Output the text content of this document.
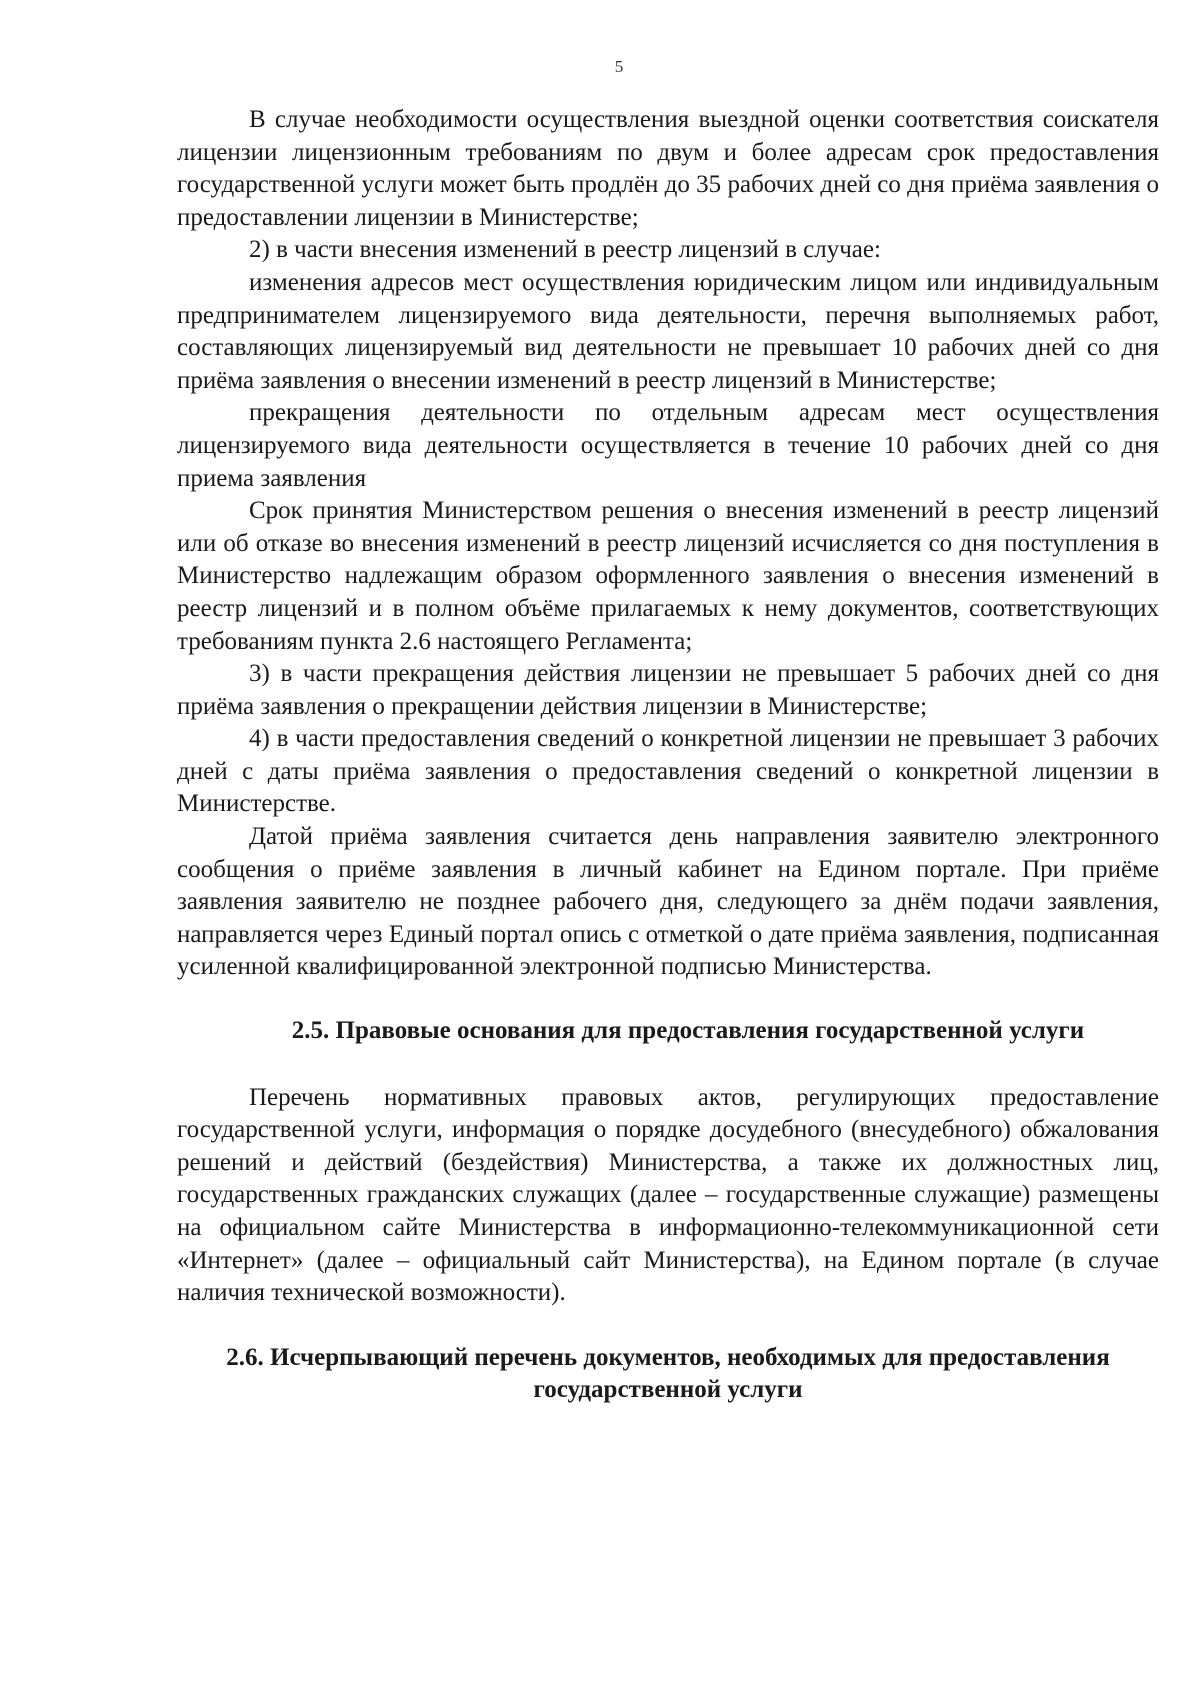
5

В случае необходимости осуществления выездной оценки соответствия соискателя лицензии лицензионным требованиям по двум и более адресам срок предоставления государственной услуги может быть продлён до 35 рабочих дней со дня приёма заявления о предоставлении лицензии в Министерстве;

2) в части внесения изменений в реестр лицензий в случае:

изменения адресов мест осуществления юридическим лицом или индивидуальным предпринимателем лицензируемого вида деятельности, перечня выполняемых работ, составляющих лицензируемый вид деятельности не превышает 10 рабочих дней со дня приёма заявления о внесении изменений в реестр лицензий в Министерстве;

прекращения деятельности по отдельным адресам мест осуществления лицензируемого вида деятельности осуществляется в течение 10 рабочих дней со дня приема заявления

Срок принятия Министерством решения о внесения изменений в реестр лицензий или об отказе во внесения изменений в реестр лицензий исчисляется со дня поступления в Министерство надлежащим образом оформленного заявления о внесения изменений в реестр лицензий и в полном объёме прилагаемых к нему документов, соответствующих требованиям пункта 2.6 настоящего Регламента;

3) в части прекращения действия лицензии не превышает 5 рабочих дней со дня приёма заявления о прекращении действия лицензии в Министерстве;

4) в части предоставления сведений о конкретной лицензии не превышает 3 рабочих дней с даты приёма заявления о предоставления сведений о конкретной лицензии в Министерстве.

Датой приёма заявления считается день направления заявителю электронного сообщения о приёме заявления в личный кабинет на Едином портале. При приёме заявления заявителю не позднее рабочего дня, следующего за днём подачи заявления, направляется через Единый портал опись с отметкой о дате приёма заявления, подписанная усиленной квалифицированной электронной подписью Министерства.

2.5. Правовые основания для предоставления государственной услуги

Перечень нормативных правовых актов, регулирующих предоставление государственной услуги, информация о порядке досудебного (внесудебного) обжалования решений и действий (бездействия) Министерства, а также их должностных лиц, государственных гражданских служащих (далее – государственные служащие) размещены на официальном сайте Министерства в информационно-телекоммуникационной сети «Интернет» (далее – официальный сайт Министерства), на Едином портале (в случае наличия технической возможности).

2.6. Исчерпывающий перечень документов, необходимых для предоставления
государственной услуги
